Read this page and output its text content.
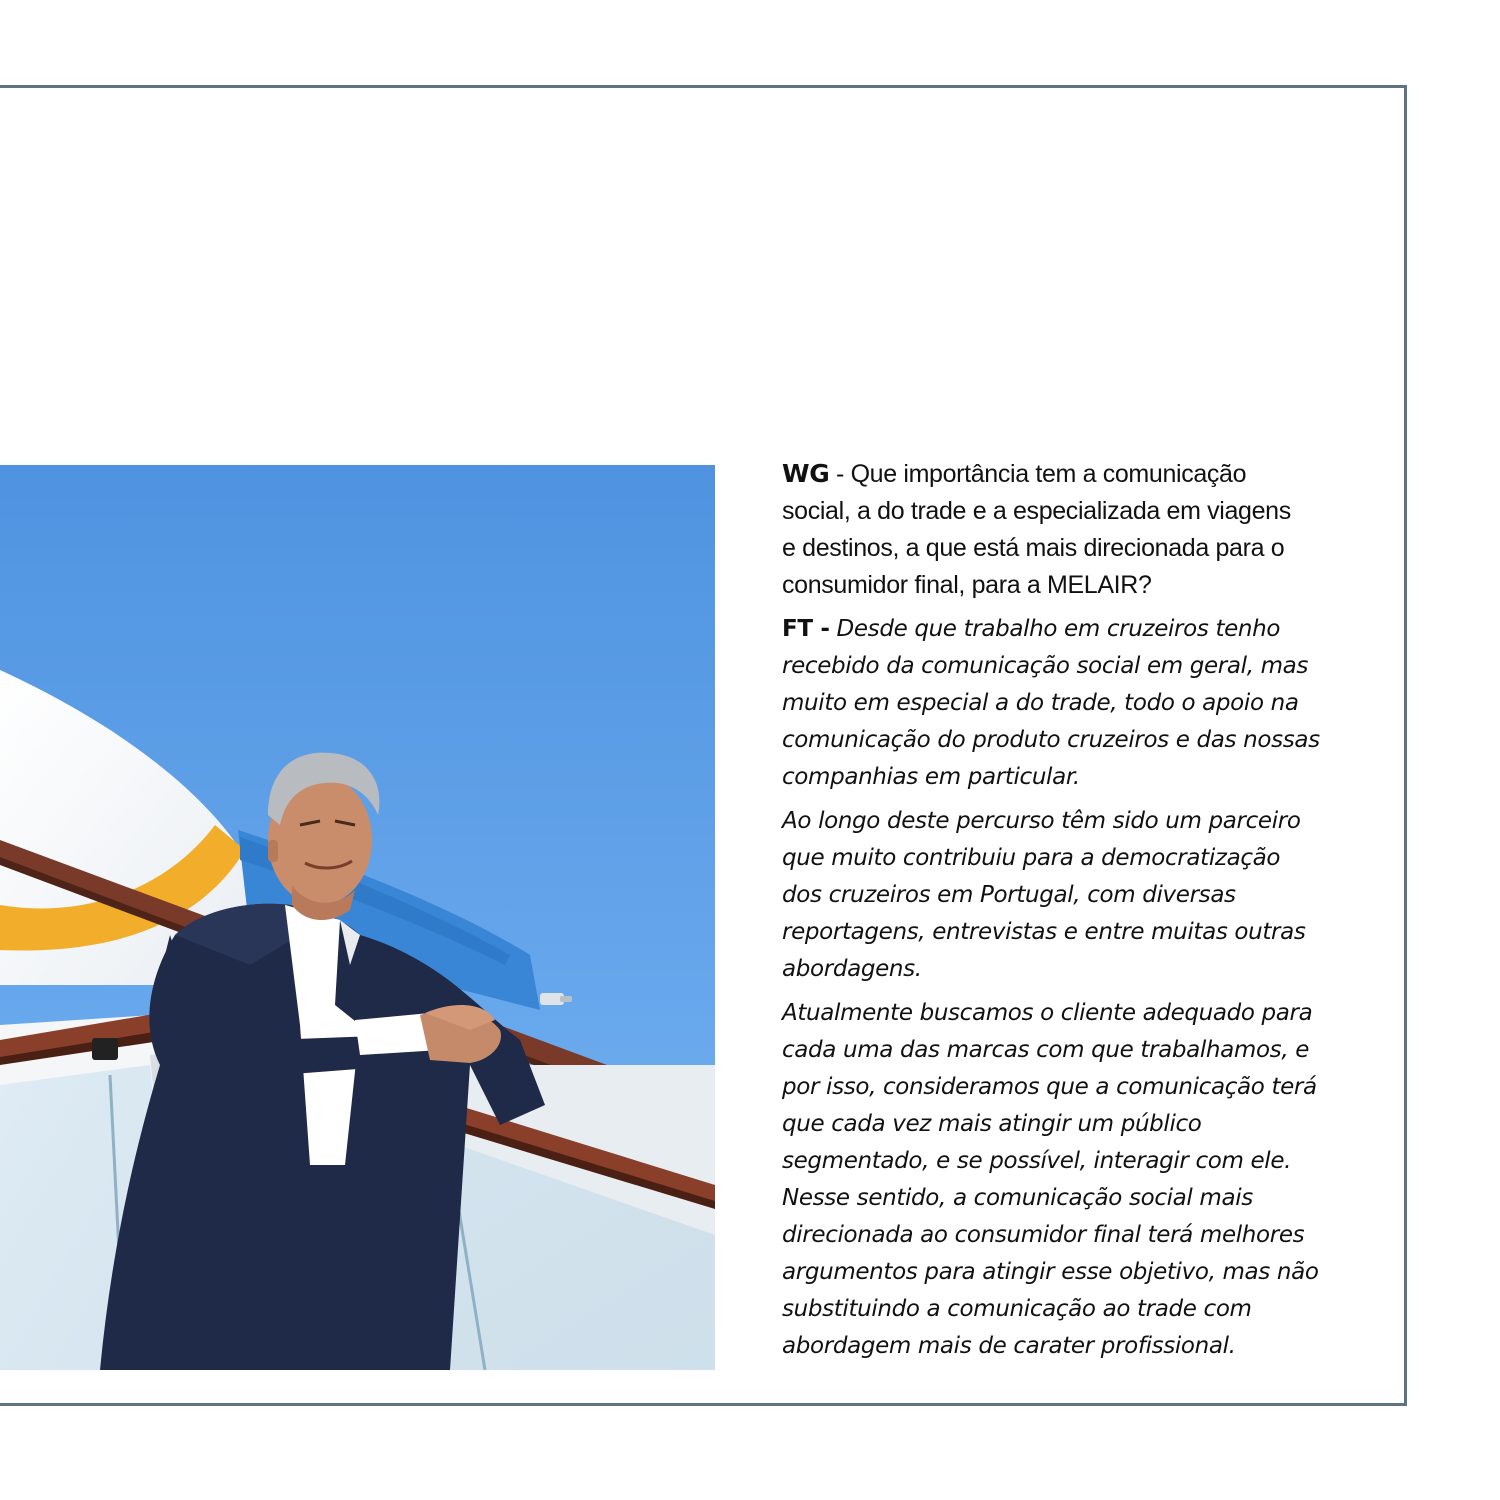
WG - Que importância tem a comunicação
social, a do trade e a especializada em viagens
e destinos, a que está mais direcionada para o
consumidor final, para a MELAIR?

FT - Desde que trabalho em cruzeiros tenho
recebido da comunicação social em geral, mas
muito em especial a do trade, todo o apoio na
comunicação do produto cruzeiros e das nossas
companhias em particular.

Ao longo deste percurso têm sido um parceiro
que muito contribuiu para a democratização
dos cruzeiros em Portugal, com diversas
reportagens, entrevistas e entre muitas outras
abordagens.

Atualmente buscamos o cliente adequado para
cada uma das marcas com que trabalhamos, e
por isso, consideramos que a comunicação terá
que cada vez mais atingir um público
segmentado, e se possível, interagir com ele.
Nesse sentido, a comunicação social mais
direcionada ao consumidor final terá melhores
argumentos para atingir esse objetivo, mas não
substituindo a comunicação ao trade com
abordagem mais de carater profissional.
